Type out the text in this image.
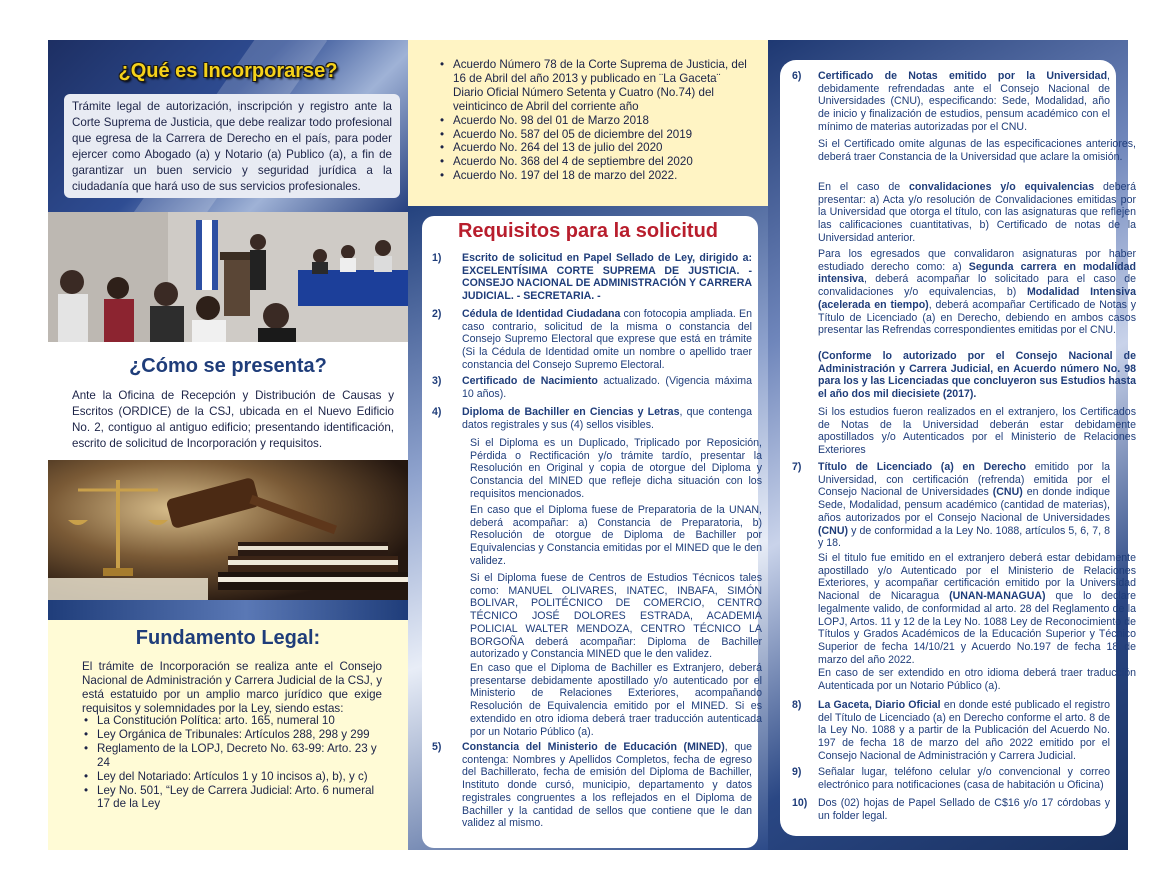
¿Qué es Incorporarse?
Trámite legal de autorización, inscripción y registro ante la Corte Suprema de Justicia, que debe realizar todo profesional que egresa de la Carrera de Derecho en el país, para poder ejercer como Abogado (a) y Notario (a) Publico (a), a fin de garantizar un buen servicio y seguridad jurídica a la ciudadanía que hará uso de sus servicios profesionales.
¿Cómo se presenta?
Ante la Oficina de Recepción y Distribución de Causas y Escritos (ORDICE) de la CSJ, ubicada en el Nuevo Edificio No. 2, contiguo al antiguo edificio; presentando identificación, escrito de solicitud de Incorporación y requisitos.
Fundamento Legal:
El trámite de Incorporación se realiza ante el Consejo Nacional de Administración y Carrera Judicial de la CSJ, y está estatuido por un amplio marco jurídico que exige requisitos y solemnidades por la Ley, siendo estas:
• La Constitución Política: arto. 165, numeral 10
• Ley Orgánica de Tribunales: Artículos 288, 298 y 299
• Reglamento de la LOPJ, Decreto No. 63-99: Arto. 23 y 24
• Ley del Notariado: Artículos 1 y 10 incisos a), b), y c)
• Ley No. 501, “Ley de Carrera Judicial: Arto. 6 numeral 17 de la Ley
• Acuerdo Número 78 de la Corte Suprema de Justicia, del 16 de Abril del año 2013 y publicado en ¨La Gaceta¨ Diario Oficial Número Setenta y Cuatro (No.74) del veinticinco de Abril del corriente año
• Acuerdo No. 98 del 01 de Marzo 2018
• Acuerdo No. 587 del 05 de diciembre del 2019
• Acuerdo No. 264 del 13 de julio del 2020
• Acuerdo No. 368 del 4 de septiembre del 2020
• Acuerdo No. 197 del 18 de marzo del 2022.
Requisitos para la solicitud
1) Escrito de solicitud en Papel Sellado de Ley, dirigido a: EXCELENTÍSIMA CORTE SUPREMA DE JUSTICIA. - CONSEJO NACIONAL DE ADMINISTRACIÓN Y CARRERA JUDICIAL. - SECRETARIA. -
2) Cédula de Identidad Ciudadana con fotocopia ampliada. En caso contrario, solicitud de la misma o constancia del Consejo Supremo Electoral que exprese que está en trámite (Si la Cédula de Identidad omite un nombre o apellido traer constancia del Consejo Supremo Electoral.
3) Certificado de Nacimiento actualizado. (Vigencia máxima 10 años).
4) Diploma de Bachiller en Ciencias y Letras, que contenga datos registrales y sus (4) sellos visibles.
Si el Diploma es un Duplicado, Triplicado por Reposición, Pérdida o Rectificación y/o trámite tardío, presentar la Resolución en Original y copia de otorgue del Diploma y Constancia del MINED que refleje dicha situación con los requisitos mencionados.
En caso que el Diploma fuese de Preparatoria de la UNAN, deberá acompañar: a) Constancia de Preparatoria, b) Resolución de otorgue de Diploma de Bachiller por Equivalencias y Constancia emitidas por el MINED que le den validez.
Si el Diploma fuese de Centros de Estudios Técnicos tales como: MANUEL OLIVARES, INATEC, INBAFA, SIMÓN BOLIVAR, POLITÉCNICO DE COMERCIO, CENTRO TÉCNICO JOSÉ DOLORES ESTRADA, ACADEMIA POLICIAL WALTER MENDOZA, CENTRO TÉCNICO LA BORGOÑA deberá acompañar: Diploma de Bachiller autorizado y Constancia MINED que le den validez.
En caso que el Diploma de Bachiller es Extranjero, deberá presentarse debidamente apostillado y/o autenticado por el Ministerio de Relaciones Exteriores, acompañando Resolución de Equivalencia emitido por el MINED. Si es extendido en otro idioma deberá traer traducción autenticada por un Notario Público (a).
5) Constancia del Ministerio de Educación (MINED), que contenga: Nombres y Apellidos Completos, fecha de egreso del Bachillerato, fecha de emisión del Diploma de Bachiller, Instituto donde cursó, municipio, departamento y datos registrales congruentes a los reflejados en el Diploma de Bachiller y la cantidad de sellos que contiene que le dan validez al mismo.
6) Certificado de Notas emitido por la Universidad, debidamente refrendadas ante el Consejo Nacional de Universidades (CNU), especificando: Sede, Modalidad, año de inicio y finalización de estudios, pensum académico con el mínimo de materias autorizadas por el CNU.
Si el Certificado omite algunas de las especificaciones anteriores, deberá traer Constancia de la Universidad que aclare la omisión.
En el caso de convalidaciones y/o equivalencias deberá presentar: a) Acta y/o resolución de Convalidaciones emitidas por la Universidad que otorga el título, con las asignaturas que reflejen las calificaciones cuantitativas, b) Certificado de notas de la Universidad anterior.
Para los egresados que convalidaron asignaturas por haber estudiado derecho como: a) Segunda carrera en modalidad intensiva, deberá acompañar lo solicitado para el caso de convalidaciones y/o equivalencias, b) Modalidad Intensiva (acelerada en tiempo), deberá acompañar Certificado de Notas y Título de Licenciado (a) en Derecho, debiendo en ambos casos presentar las Refrendas correspondientes emitidas por el CNU.
(Conforme lo autorizado por el Consejo Nacional de Administración y Carrera Judicial, en Acuerdo número No. 98 para los y las Licenciadas que concluyeron sus Estudios hasta el año dos mil diecisiete (2017).
Si los estudios fueron realizados en el extranjero, los Certificados de Notas de la Universidad deberán estar debidamente apostillados y/o Autenticados por el Ministerio de Relaciones Exteriores
7) Título de Licenciado (a) en Derecho emitido por la Universidad, con certificación (refrenda) emitida por el Consejo Nacional de Universidades (CNU) en donde indique Sede, Modalidad, pensum académico (cantidad de materias), años autorizados por el Consejo Nacional de Universidades (CNU) y de conformidad a la Ley No. 1088, artículos 5, 6, 7, 8 y 18.
Si el titulo fue emitido en el extranjero deberá estar debidamente apostillado y/o Autenticado por el Ministerio de Relaciones Exteriores, y acompañar certificación emitido por la Universidad Nacional de Nicaragua (UNAN-MANAGUA) que lo declare legalmente valido, de conformidad al arto. 28 del Reglamento de la LOPJ, Artos. 11 y 12 de la Ley No. 1088 Ley de Reconocimiento de Títulos y Grados Académicos de la Educación Superior y Técnico Superior de fecha 14/10/21 y Acuerdo No.197 de fecha 18 de marzo del año 2022.
En caso de ser extendido en otro idioma deberá traer traducción Autenticada por un Notario Público (a).
8) La Gaceta, Diario Oficial en donde esté publicado el registro del Título de Licenciado (a) en Derecho conforme el arto. 8 de la Ley No. 1088 y a partir de la Publicación del Acuerdo No. 197 de fecha 18 de marzo del año 2022 emitido por el Consejo Nacional de Administración y Carrera Judicial.
9) Señalar lugar, teléfono celular y/o convencional y correo electrónico para notificaciones (casa de habitación u Oficina)
10) Dos (02) hojas de Papel Sellado de C$16 y/o 17 córdobas y un folder legal.
